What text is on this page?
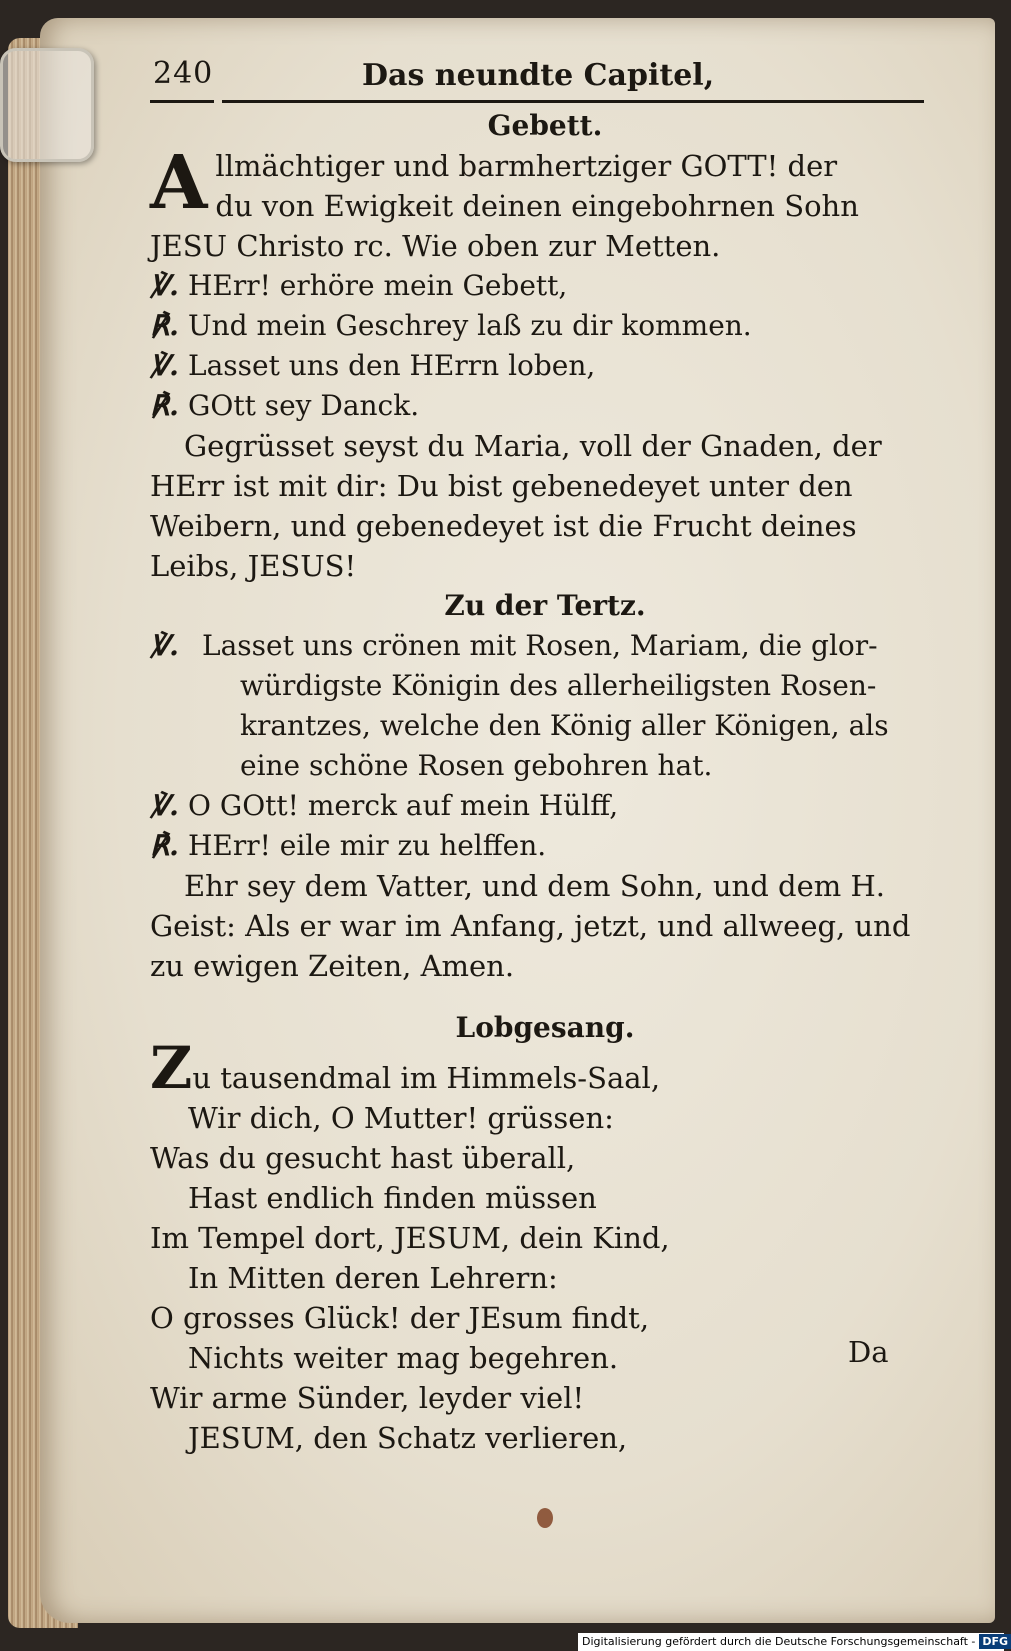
240	Das neundte Capitel,

Gebett.

A llmächtiger und barmhertziger GOTT! der

du von Ewigkeit deinen eingebohrnen Sohn

JESU Christo rc. Wie oben zur Metten.

℣. HErr! erhöre mein Gebett,

℟. Und mein Geschrey laß zu dir kommen.

℣. Lasset uns den HErrn loben,

℟. GOtt sey Danck.

Gegrüsset seyst du Maria, voll der Gnaden, der

HErr ist mit dir: Du bist gebenedeyet unter den

Weibern, und gebenedeyet ist die Frucht deines

Leibs, JESUS!

Zu der Tertz.

℣. Lasset uns crönen mit Rosen, Mariam, die glor-

würdigste Königin des allerheiligsten Rosen-

krantzes, welche den König aller Königen, als

eine schöne Rosen gebohren hat.

℣. O GOtt! merck auf mein Hülff,

℟. HErr! eile mir zu helffen.

Ehr sey dem Vatter, und dem Sohn, und dem H.

Geist: Als er war im Anfang, jetzt, und allweeg, und

zu ewigen Zeiten, Amen.

Lobgesang.

Zu tausendmal im Himmels-Saal,

Wir dich, O Mutter! grüssen:

Was du gesucht hast überall,

Hast endlich finden müssen

Im Tempel dort, JESUM, dein Kind,

In Mitten deren Lehrern:

O grosses Glück! der JEsum findt,

Nichts weiter mag begehren.

Wir arme Sünder, leyder viel!

JESUM, den Schatz verlieren,

Da
Digitalisierung gefördert durch die Deutsche Forschungsgemeinschaft - DFG
